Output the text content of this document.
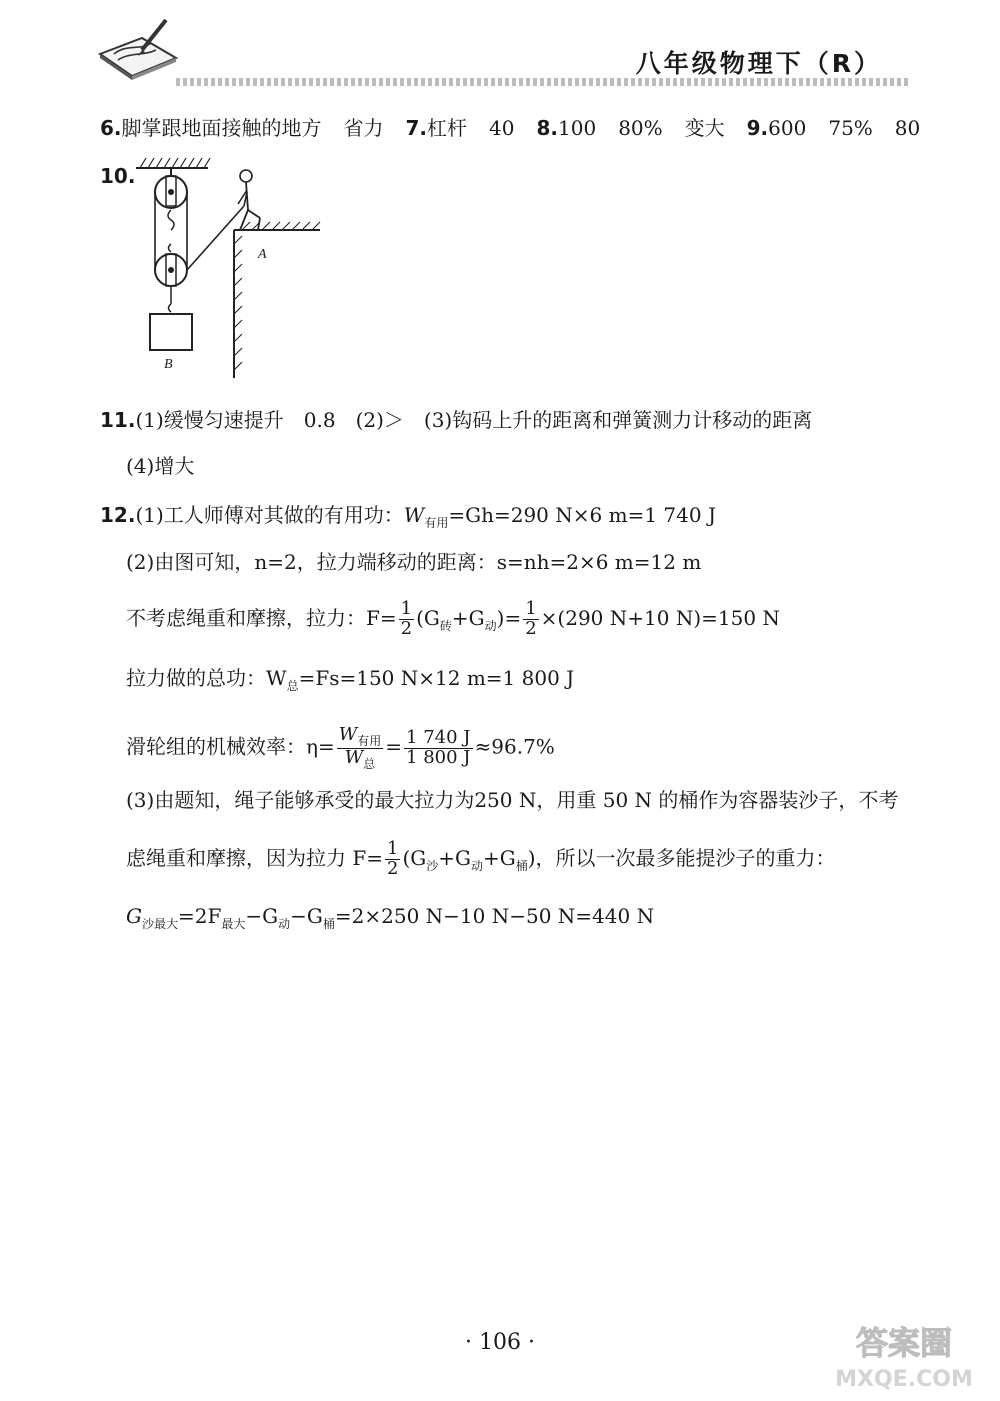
八年级物理下（R）
6.脚掌跟地面接触的地方 省力 7.杠杆 40 8.100 80% 变大 9.600 75% 80
10.
A
B
11.(1)缓慢匀速提升　0.8　(2)＞　(3)钩码上升的距离和弹簧测力计移动的距离
(4)增大
12.(1)工人师傅对其做的有用功：$W_{有用}=Gh=290$ N×6 m=1 740 J
(2)由图可知，n=2，拉力端移动的距离：s=nh=2×6 m=12 m
不考虑绳重和摩擦，拉力：$F= \frac{1}{2} (G_砖+G_动)= \frac{1}{2} \times(290$ N+10 N)=150 N
拉力做的总功：$W_总=Fs=150$ N×12 m=1 800 J
滑轮组的机械效率：$\eta= \frac{W_{有用}}{W_总} = \frac{1 740 J}{1 800 J} \approx 96.7\%$
(3)由题知，绳子能够承受的最大拉力为250 N，用重 50 N 的桶作为容器装沙子，不考
虑绳重和摩擦，因为拉力 $F= \frac{1}{2} (G_沙+G_动+G_桶)$，所以一次最多能提沙子的重力：
$G_{沙最大}=2F_{最大}-G_动-G_桶=2\times 250$ N−10 N−50 N=440 N
· 106 ·	答案圈
MXQE.COM
